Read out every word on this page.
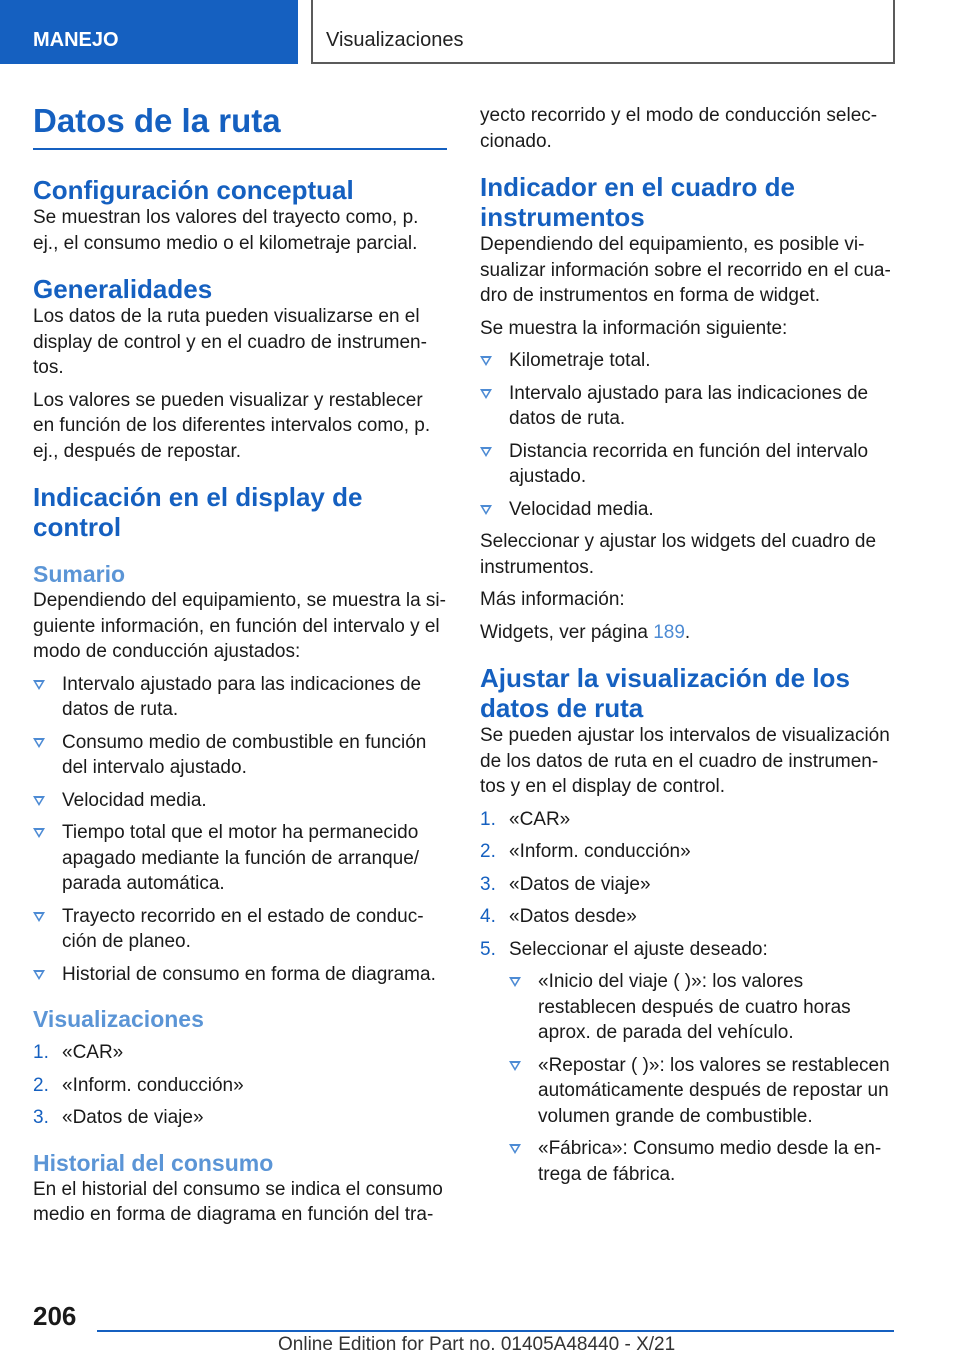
MANEJO	Visualizaciones
Datos de la ruta
Configuración conceptual

Se muestran los valores del trayecto como, p. ej., el consumo medio o el kilometraje parcial.

Generalidades

Los datos de la ruta pueden visualizarse en el display de control y en el cuadro de instrumen-tos.

Los valores se pueden visualizar y restablecer en función de los diferentes intervalos como, p. ej., después de repostar.

Indicación en el display de control
Sumario

Dependiendo del equipamiento, se muestra la si-guiente información, en función del intervalo y el modo de conducción ajustados:

Intervalo ajustado para las indicaciones de datos de ruta.
Consumo medio de combustible en función del intervalo ajustado.
Velocidad media.
Tiempo total que el motor ha permanecido apagado mediante la función de arranque/ parada automática.
Trayecto recorrido en el estado de conduc-ción de planeo.
Historial de consumo en forma de diagrama.
Visualizaciones
1. «CAR»
2. «Inform. conducción»
3. «Datos de viaje»
Historial del consumo

En el historial del consumo se indica el consumo medio en forma de diagrama en función del tra-

yecto recorrido y el modo de conducción selec-cionado.

Indicador en el cuadro de instrumentos

Dependiendo del equipamiento, es posible vi-sualizar información sobre el recorrido en el cua-dro de instrumentos en forma de widget.

Se muestra la información siguiente:

Kilometraje total.
Intervalo ajustado para las indicaciones de datos de ruta.
Distancia recorrida en función del intervalo ajustado.
Velocidad media.

Seleccionar y ajustar los widgets del cuadro de instrumentos.

Más información:

Widgets, ver página 189.

Ajustar la visualización de los datos de ruta

Se pueden ajustar los intervalos de visualización de los datos de ruta en el cuadro de instrumen-tos y en el display de control.

1. «CAR»
2. «Inform. conducción»
3. «Datos de viaje»
4. «Datos desde»
5. Seleccionar el ajuste deseado:
«Inicio del viaje ( )»: los valores restablecen después de cuatro horas aprox. de parada del vehículo.
«Repostar ( )»: los valores se restablecen automáticamente después de repostar un volumen grande de combustible.
«Fábrica»: Consumo medio desde la en-trega de fábrica.
206
Online Edition for Part no. 01405A48440 - X/21
